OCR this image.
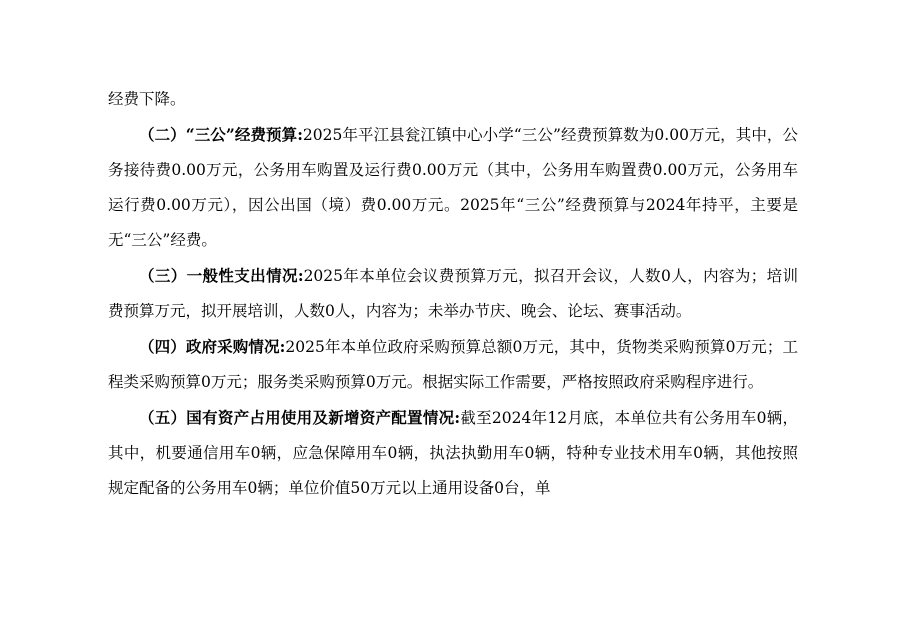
经费下降。

（二）“三公”经费预算:2025年平江县瓮江镇中心小学“三公”经费预算数为0.00万元，其中，公务接待费0.00万元，公务用车购置及运行费0.00万元（其中，公务用车购置费0.00万元，公务用车运行费0.00万元），因公出国（境）费0.00万元。2025年“三公”经费预算与2024年持平，主要是无“三公”经费。

（三）一般性支出情况:2025年本单位会议费预算万元，拟召开会议，人数0人，内容为；培训费预算万元，拟开展培训，人数0人，内容为；未举办节庆、晚会、论坛、赛事活动。

（四）政府采购情况:2025年本单位政府采购预算总额0万元，其中，货物类采购预算0万元；工程类采购预算0万元；服务类采购预算0万元。根据实际工作需要，严格按照政府采购程序进行。

（五）国有资产占用使用及新增资产配置情况:截至2024年12月底，本单位共有公务用车0辆，其中，机要通信用车0辆，应急保障用车0辆，执法执勤用车0辆，特种专业技术用车0辆，其他按照规定配备的公务用车0辆；单位价值50万元以上通用设备0台，单
